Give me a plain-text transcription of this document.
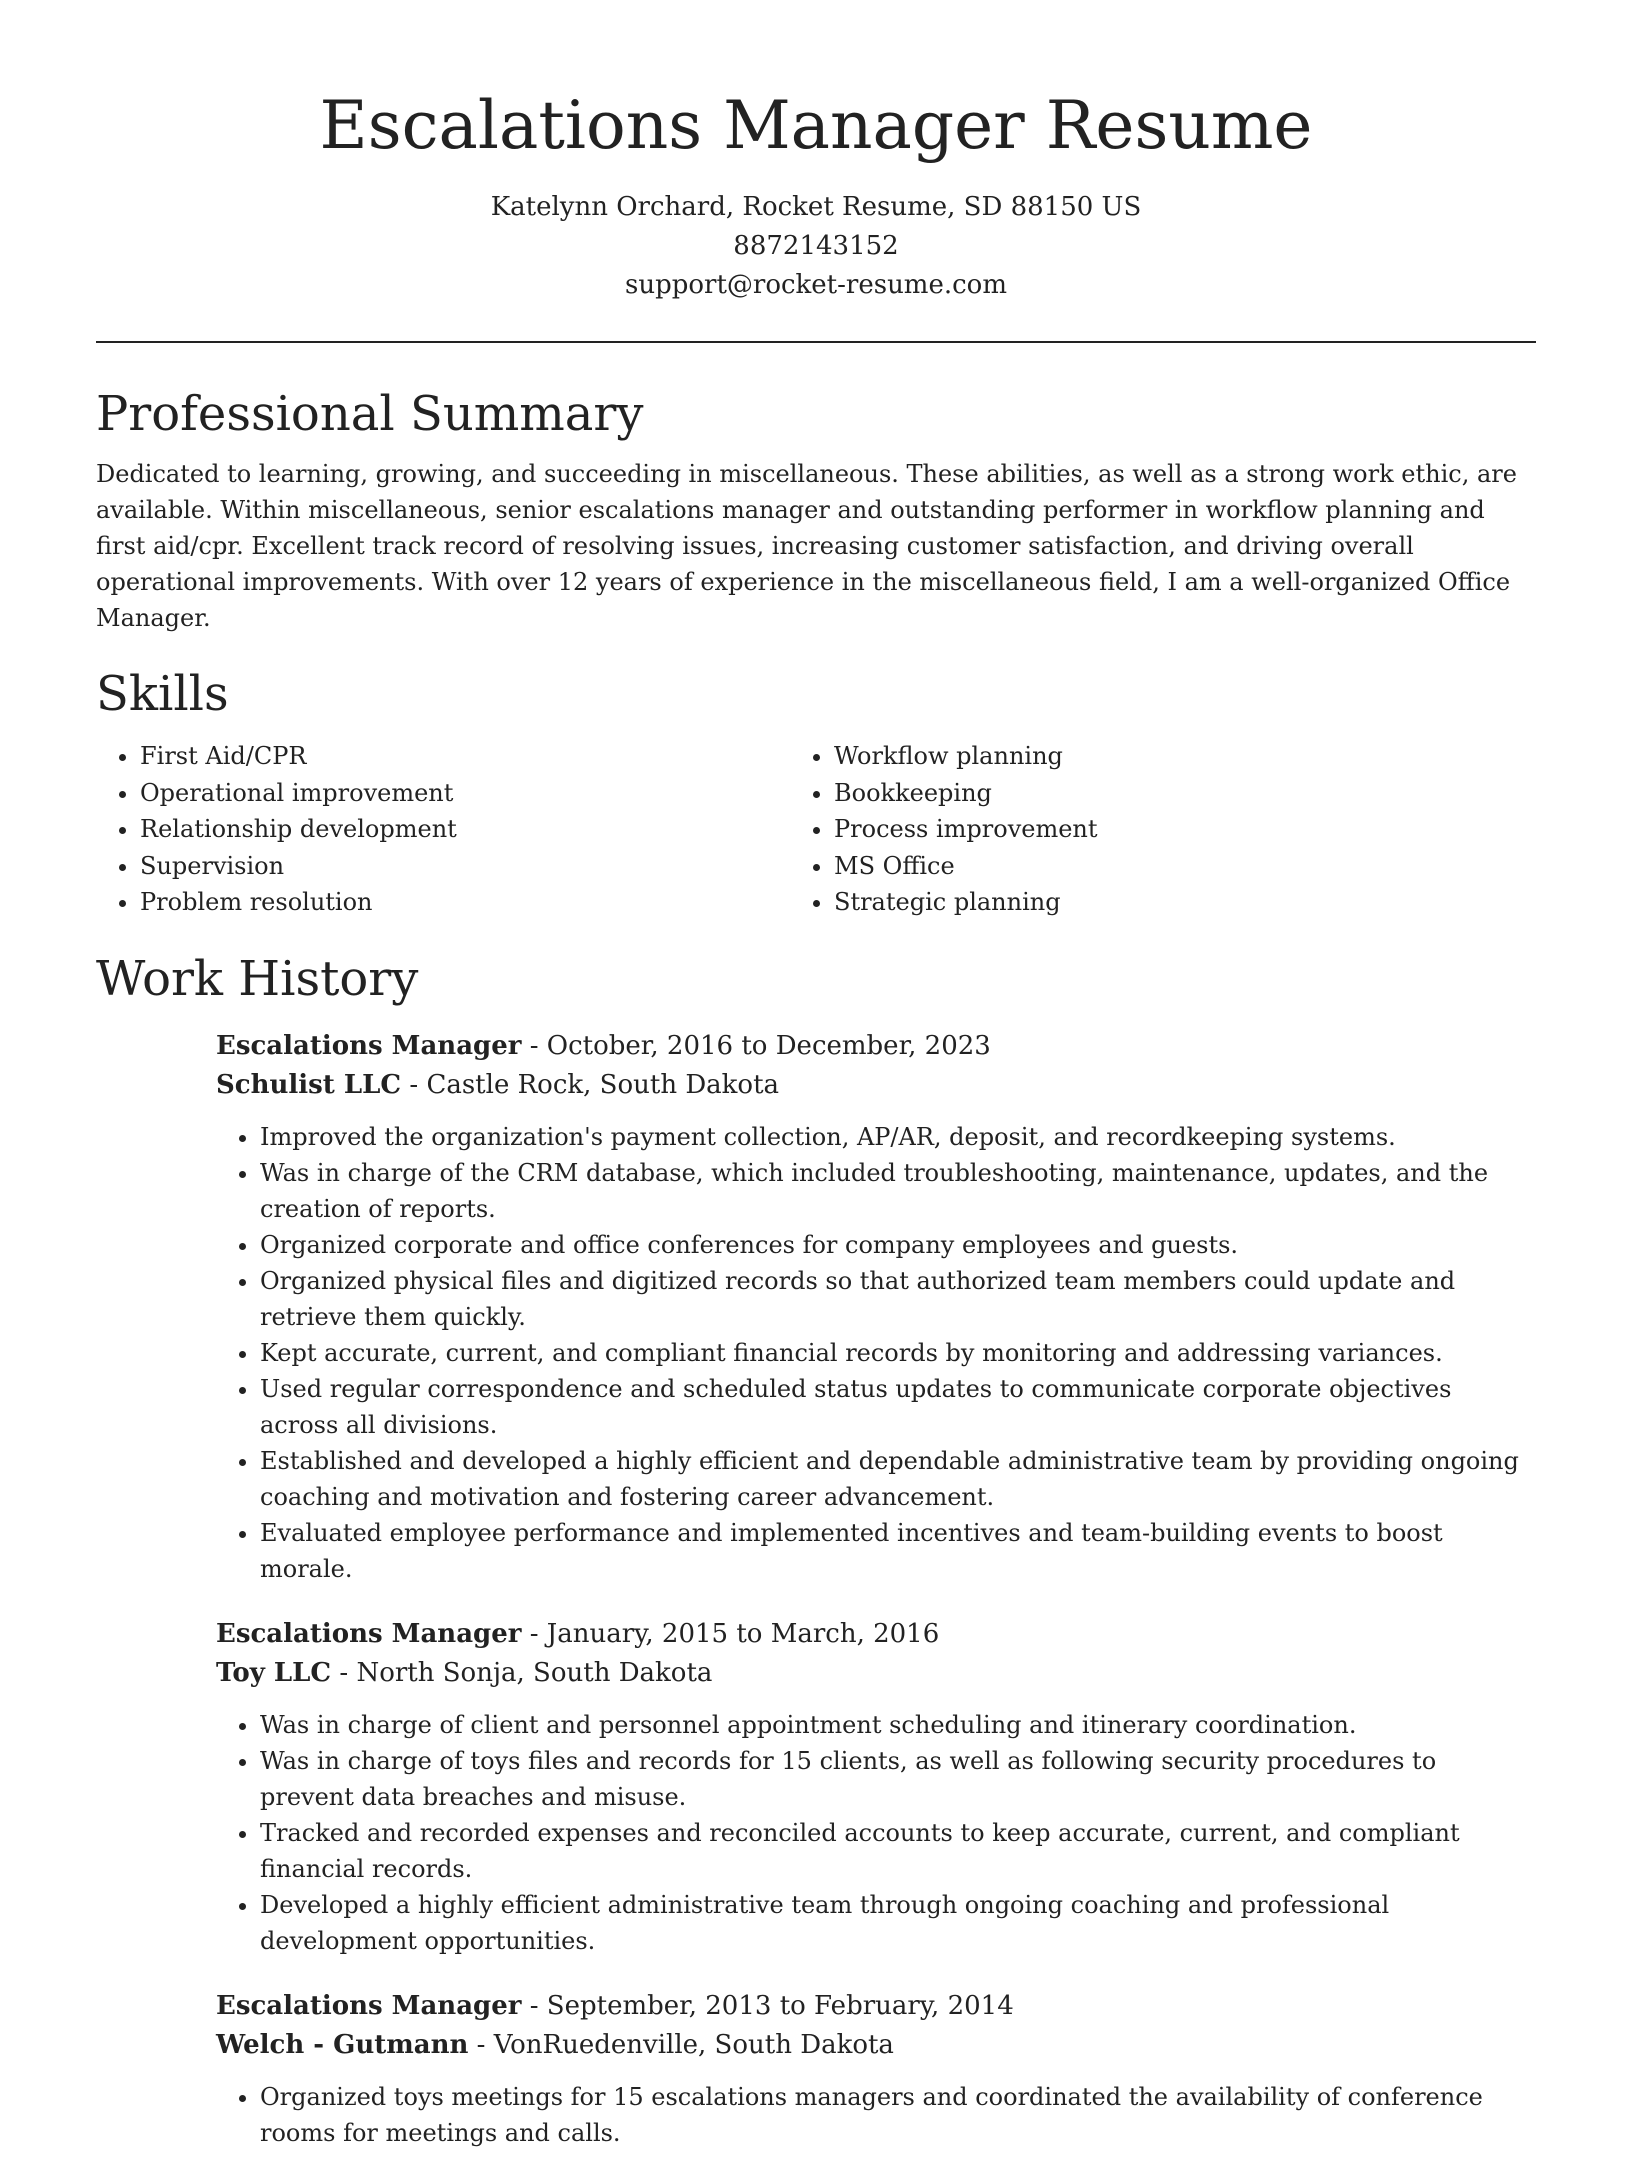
Escalations Manager Resume
Katelynn Orchard, Rocket Resume, SD 88150 US
8872143152
support@rocket-resume.com
Professional Summary

Dedicated to learning, growing, and succeeding in miscellaneous. These abilities, as well as a strong work ethic, are available. Within miscellaneous, senior escalations manager and outstanding performer in workflow planning and first aid/cpr. Excellent track record of resolving issues, increasing customer satisfaction, and driving overall operational improvements. With over 12 years of experience in the miscellaneous field, I am a well-organized Office Manager.

Skills
• First Aid/CPR
• Operational improvement
• Relationship development
• Supervision
• Problem resolution
• Workflow planning
• Bookkeeping
• Process improvement
• MS Office
• Strategic planning
Work History
Escalations Manager - October, 2016 to December, 2023
Schulist LLC - Castle Rock, South Dakota
• Improved the organization's payment collection, AP/AR, deposit, and recordkeeping systems.
• Was in charge of the CRM database, which included troubleshooting, maintenance, updates, and the creation of reports.
• Organized corporate and office conferences for company employees and guests.
• Organized physical files and digitized records so that authorized team members could update and retrieve them quickly.
• Kept accurate, current, and compliant financial records by monitoring and addressing variances.
• Used regular correspondence and scheduled status updates to communicate corporate objectives across all divisions.
• Established and developed a highly efficient and dependable administrative team by providing ongoing coaching and motivation and fostering career advancement.
• Evaluated employee performance and implemented incentives and team-building events to boost morale.
Escalations Manager - January, 2015 to March, 2016
Toy LLC - North Sonja, South Dakota
• Was in charge of client and personnel appointment scheduling and itinerary coordination.
• Was in charge of toys files and records for 15 clients, as well as following security procedures to prevent data breaches and misuse.
• Tracked and recorded expenses and reconciled accounts to keep accurate, current, and compliant financial records.
• Developed a highly efficient administrative team through ongoing coaching and professional development opportunities.
Escalations Manager - September, 2013 to February, 2014
Welch - Gutmann - VonRuedenville, South Dakota
• Organized toys meetings for 15 escalations managers and coordinated the availability of conference rooms for meetings and calls.
